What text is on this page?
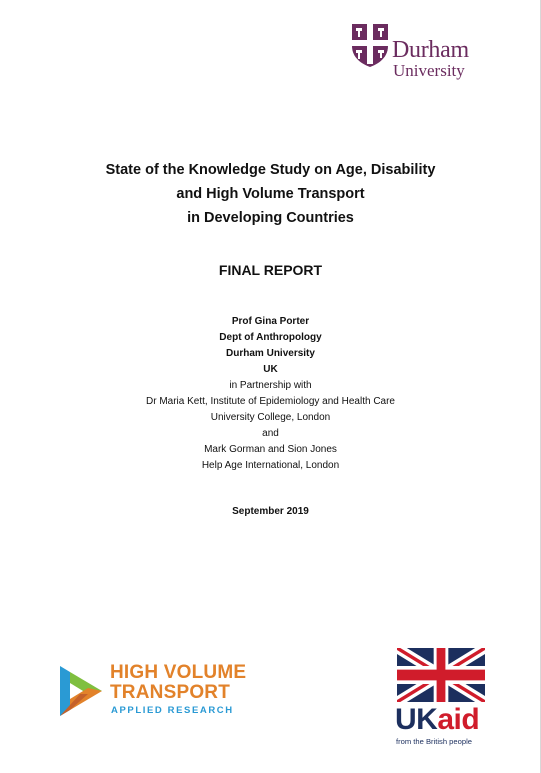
Durham
University
State of the Knowledge Study on Age, Disability
and High Volume Transport
in Developing Countries
FINAL REPORT
Prof Gina Porter
Dept of Anthropology
Durham University
UK
in Partnership with
Dr Maria Kett, Institute of Epidemiology and Health Care
University College, London
and
Mark Gorman and Sion Jones
Help Age International, London
September 2019
HIGH VOLUME
TRANSPORT
APPLIED RESEARCH	UKaid
from the British people
